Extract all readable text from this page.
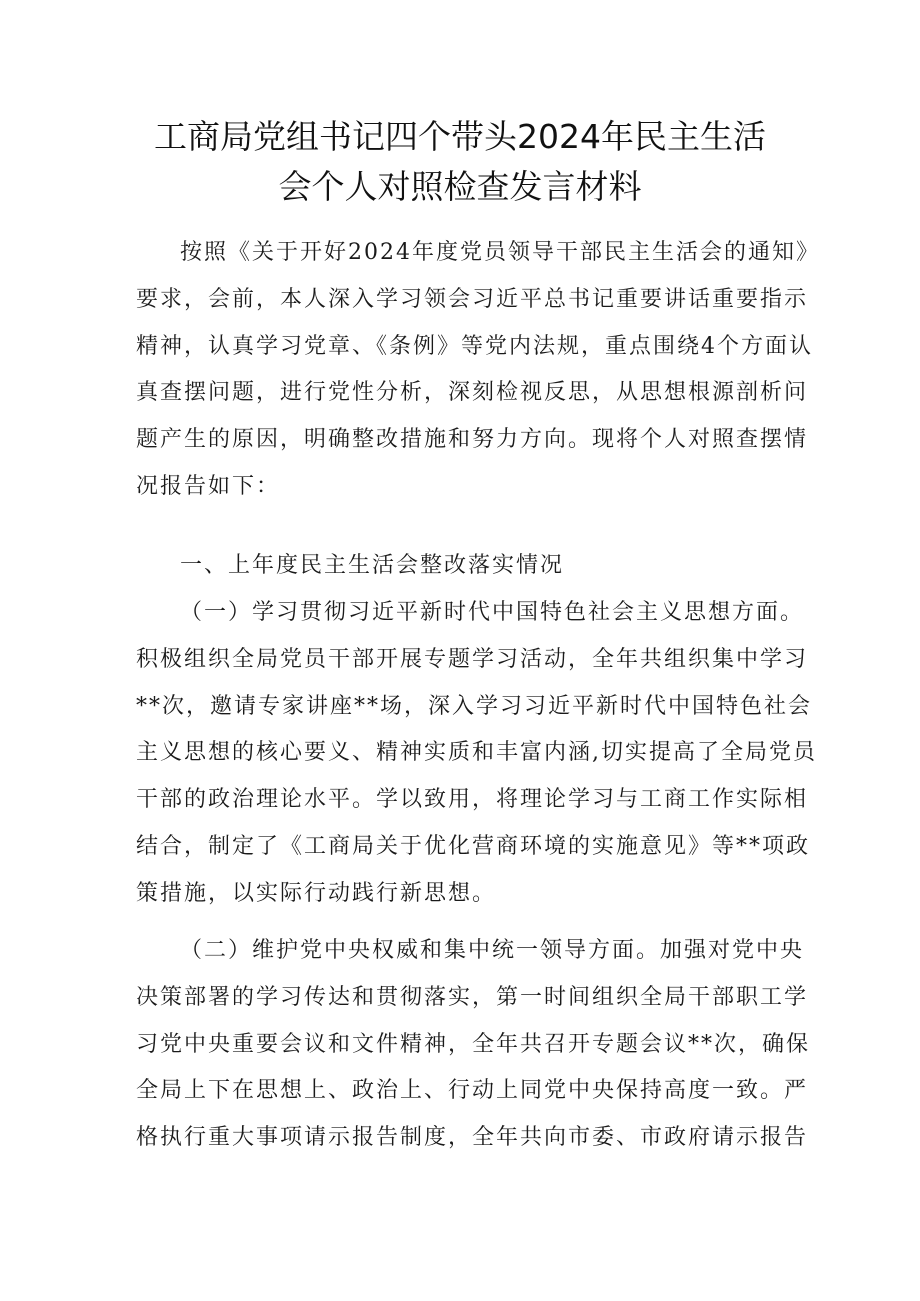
工商局党组书记四个带头2024年民主生活
会个人对照检查发言材料
按照《关于开好2024年度党员领导干部民主生活会的通知》
要求，会前，本人深入学习领会习近平总书记重要讲话重要指示
精神，认真学习党章、《条例》等党内法规，重点围绕4个方面认
真查摆问题，进行党性分析，深刻检视反思，从思想根源剖析问
题产生的原因，明确整改措施和努力方向。现将个人对照查摆情
况报告如下：
一、上年度民主生活会整改落实情况
（一）学习贯彻习近平新时代中国特色社会主义思想方面。
积极组织全局党员干部开展专题学习活动，全年共组织集中学习
**次，邀请专家讲座**场，深入学习习近平新时代中国特色社会
主义思想的核心要义、精神实质和丰富内涵,切实提高了全局党员
干部的政治理论水平。学以致用，将理论学习与工商工作实际相
结合，制定了《工商局关于优化营商环境的实施意见》等**项政
策措施，以实际行动践行新思想。
（二）维护党中央权威和集中统一领导方面。加强对党中央
决策部署的学习传达和贯彻落实，第一时间组织全局干部职工学
习党中央重要会议和文件精神，全年共召开专题会议**次，确保
全局上下在思想上、政治上、行动上同党中央保持高度一致。严
格执行重大事项请示报告制度，全年共向市委、市政府请示报告
